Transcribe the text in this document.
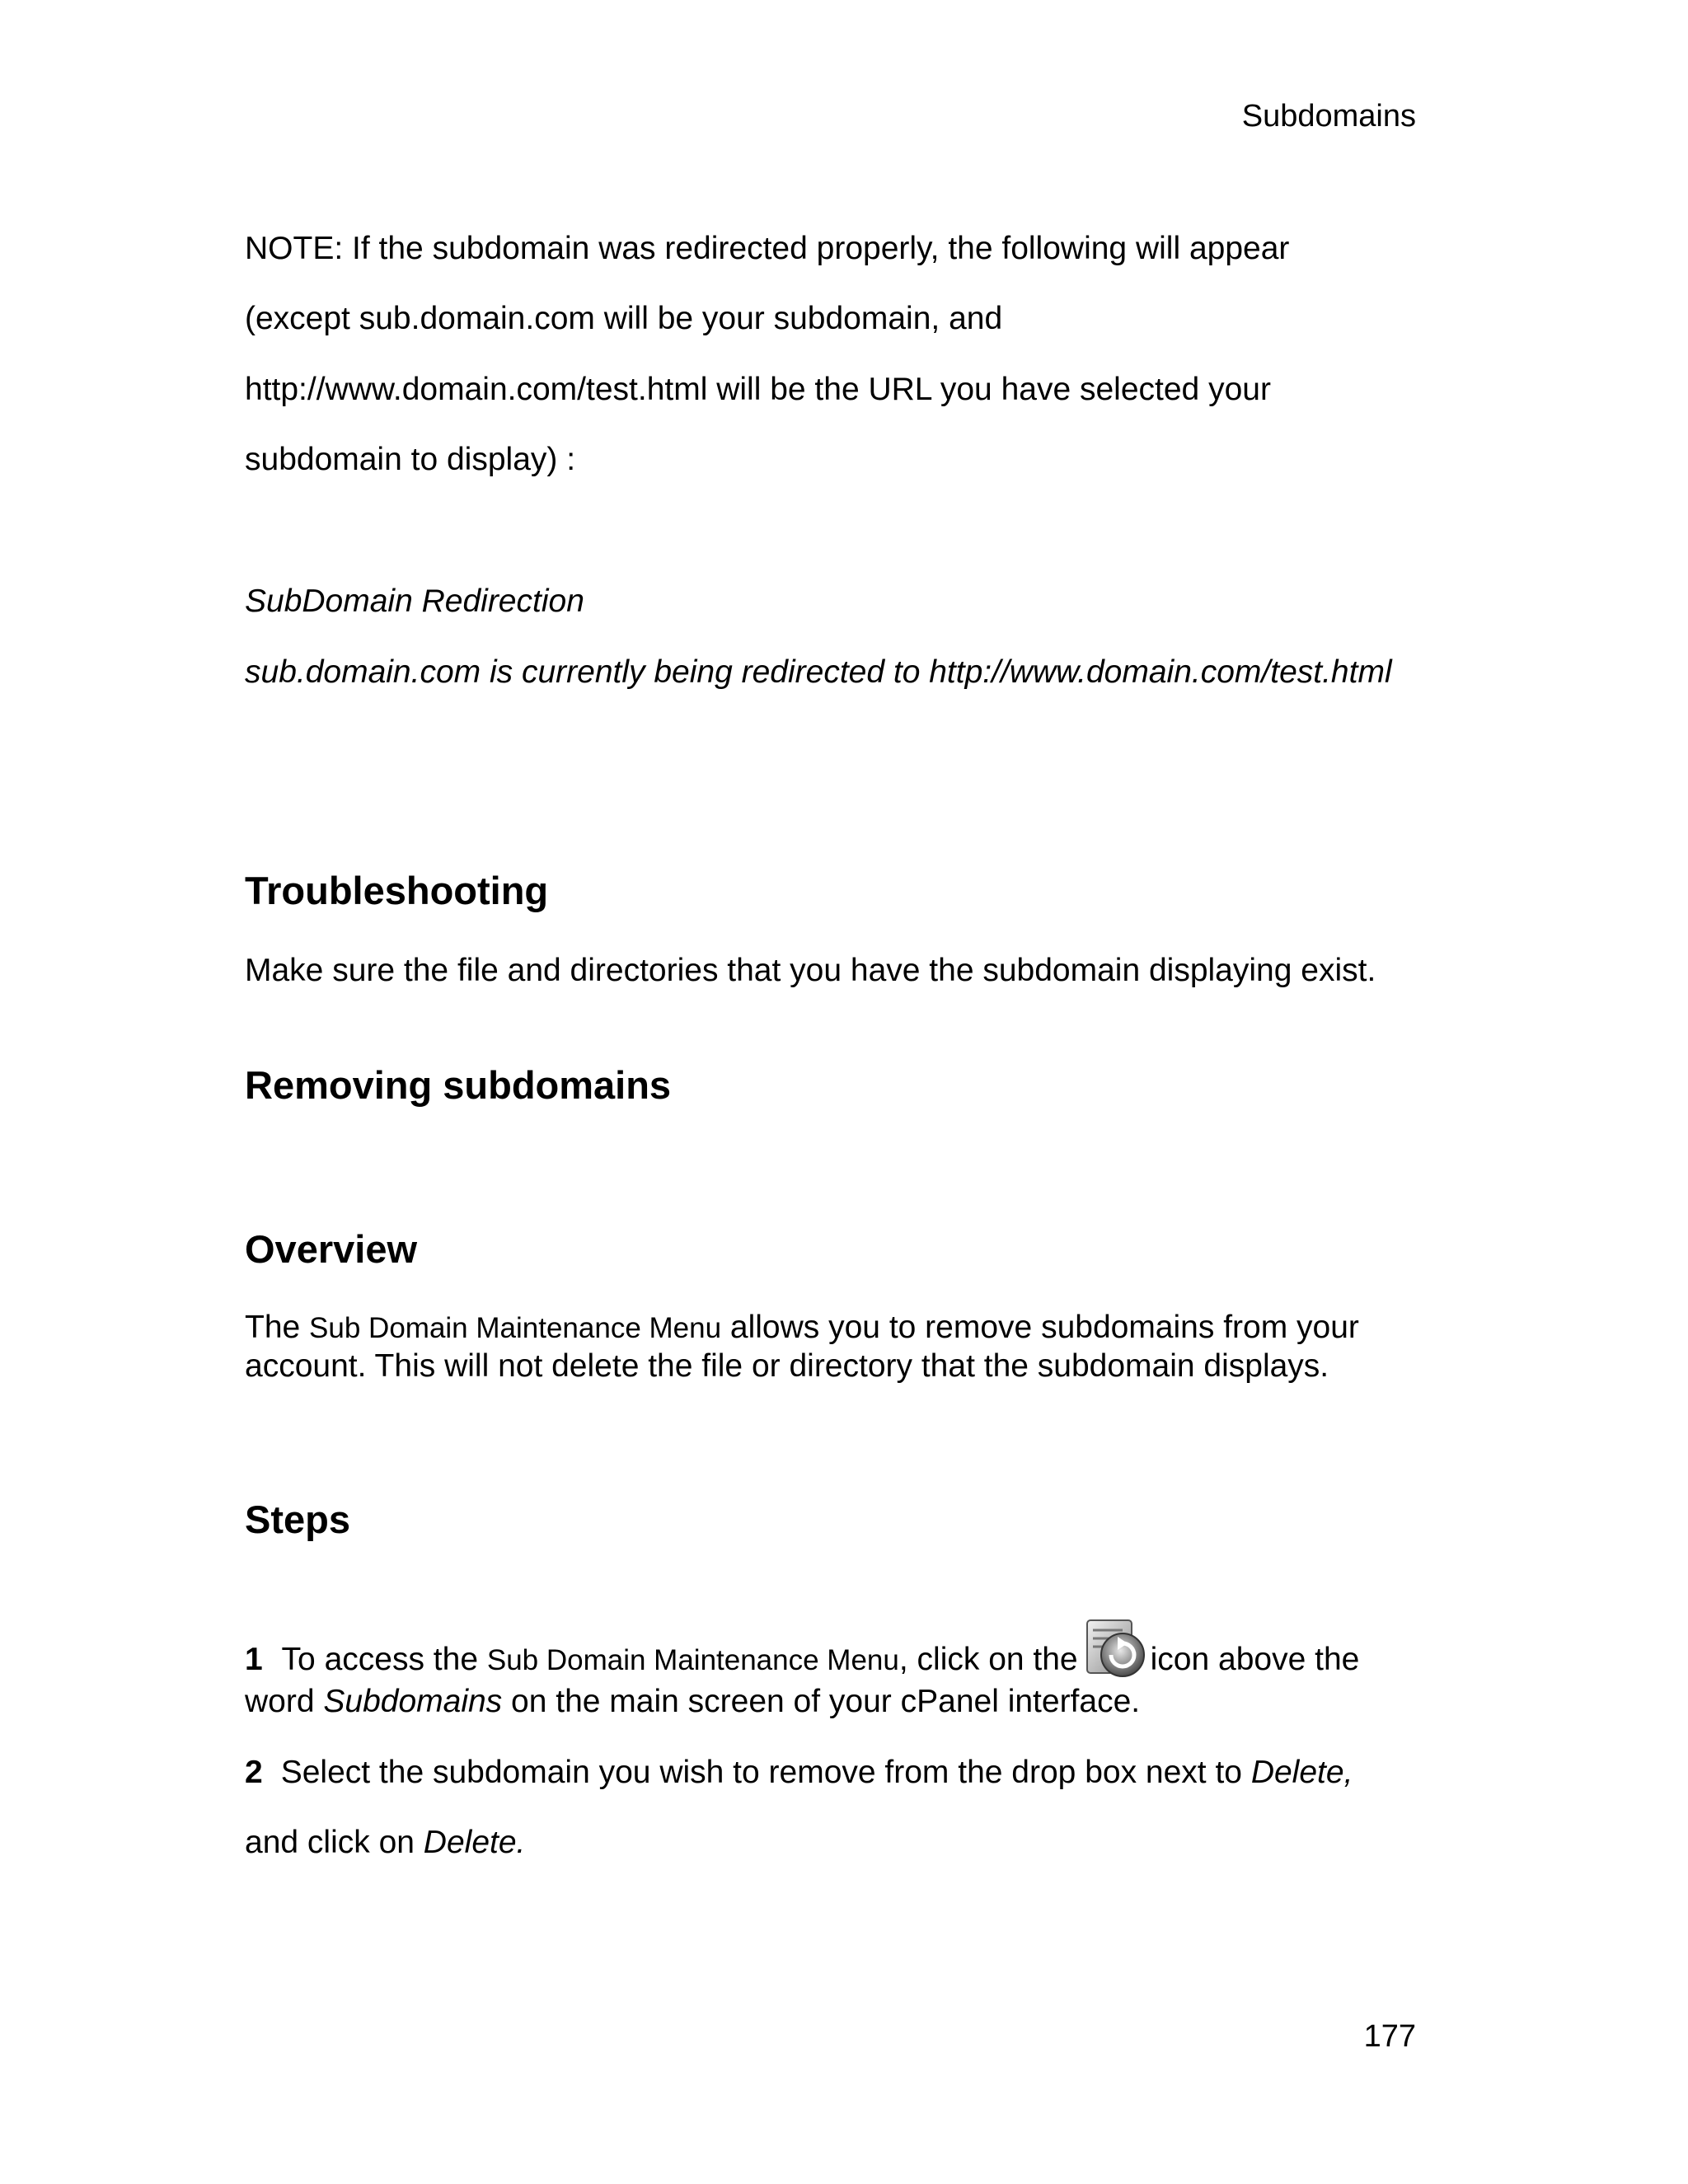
Subdomains
NOTE: If the subdomain was redirected properly, the following will appear
(except sub.domain.com will be your subdomain, and
http://www.domain.com/test.html will be the URL you have selected your
subdomain to display) :
SubDomain Redirection
sub.domain.com is currently being redirected to http://www.domain.com/test.html
Troubleshooting
Make sure the file and directories that you have the subdomain displaying exist.
Removing subdomains
Overview
The Sub Domain Maintenance Menu allows you to remove subdomains from your account. This will not delete the file or directory that the subdomain displays.
Steps
1 To access the Sub Domain Maintenance Menu, click on the icon above the
word Subdomains on the main screen of your cPanel interface.
2 Select the subdomain you wish to remove from the drop box next to Delete,
and click on Delete.
177
